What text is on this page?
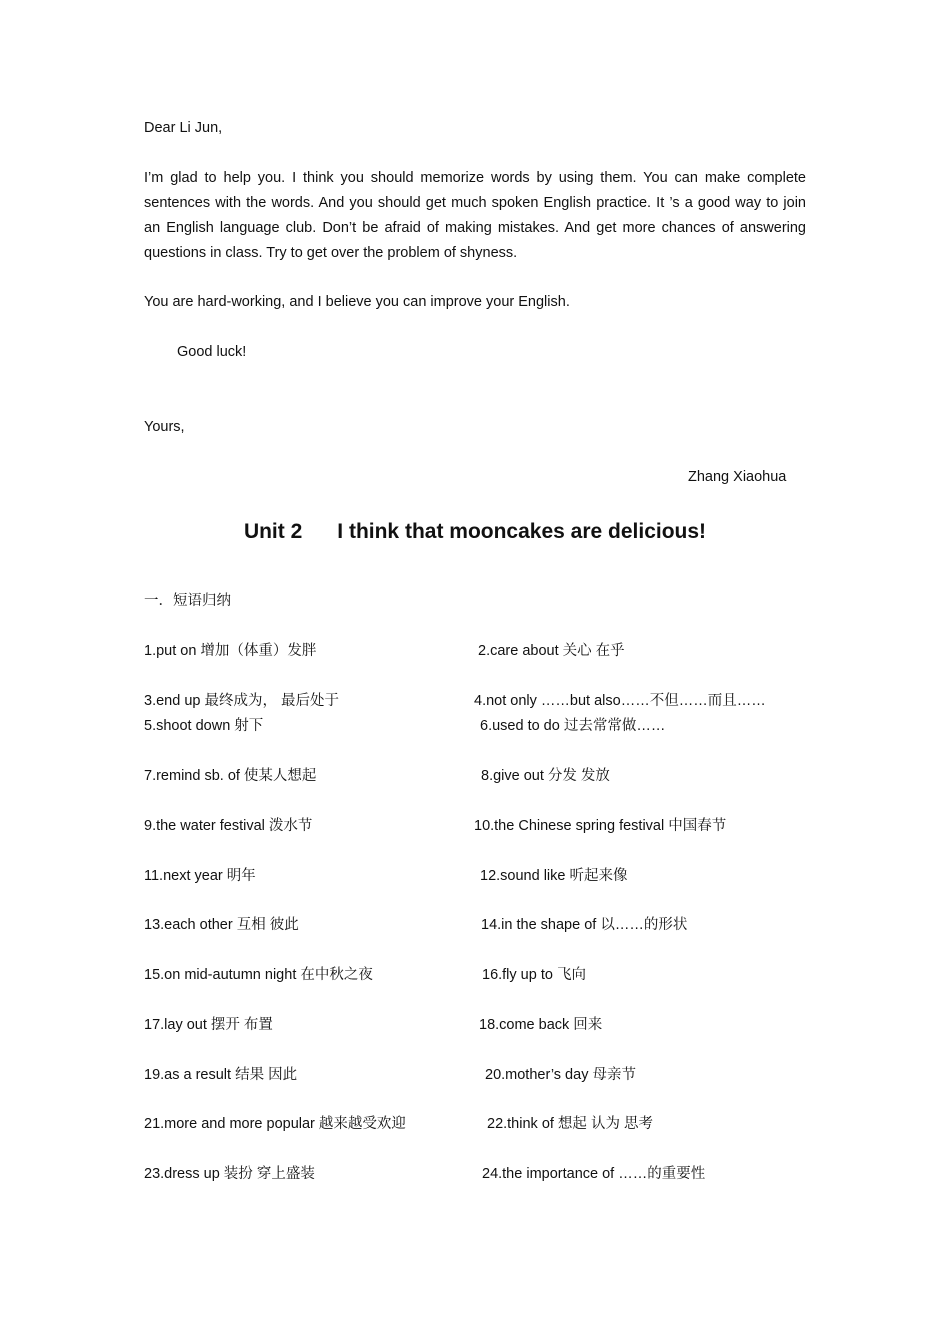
Dear Li Jun,
I’m glad to help you. I think you should memorize words by using them. You can make complete sentences with the words. And you should get much spoken English practice. It ’s a good way to join an English language club. Don’t be afraid of making mistakes. And get more chances of answering questions in class. Try to get over the problem of shyness.
You are hard-working, and I believe you can improve your English.
Good luck!
Yours,
Zhang Xiaohua
Unit 2      I think that mooncakes are delicious!
一．短语归纳
1.put on 增加（体重）发胖	2.care about 关心 在乎
3.end up 最终成为， 最后处于	4.not only ……but also……不但……而且……
5.shoot down 射下	6.used to do 过去常常做……
7.remind sb. of 使某人想起	8.give out 分发 发放
9.the water festival 泼水节	10.the Chinese spring festival 中国春节
11.next year 明年	12.sound like 听起来像
13.each other 互相 彼此	14.in the shape of 以……的形状
15.on mid-autumn night 在中秋之夜	16.fly up to 飞向
17.lay out 摆开 布置	18.come back 回来
19.as a result 结果 因此	20.mother’s day 母亲节
21.more and more popular 越来越受欢迎	22.think of 想起 认为 思考
23.dress up 装扮 穿上盛装	24.the importance of ……的重要性
